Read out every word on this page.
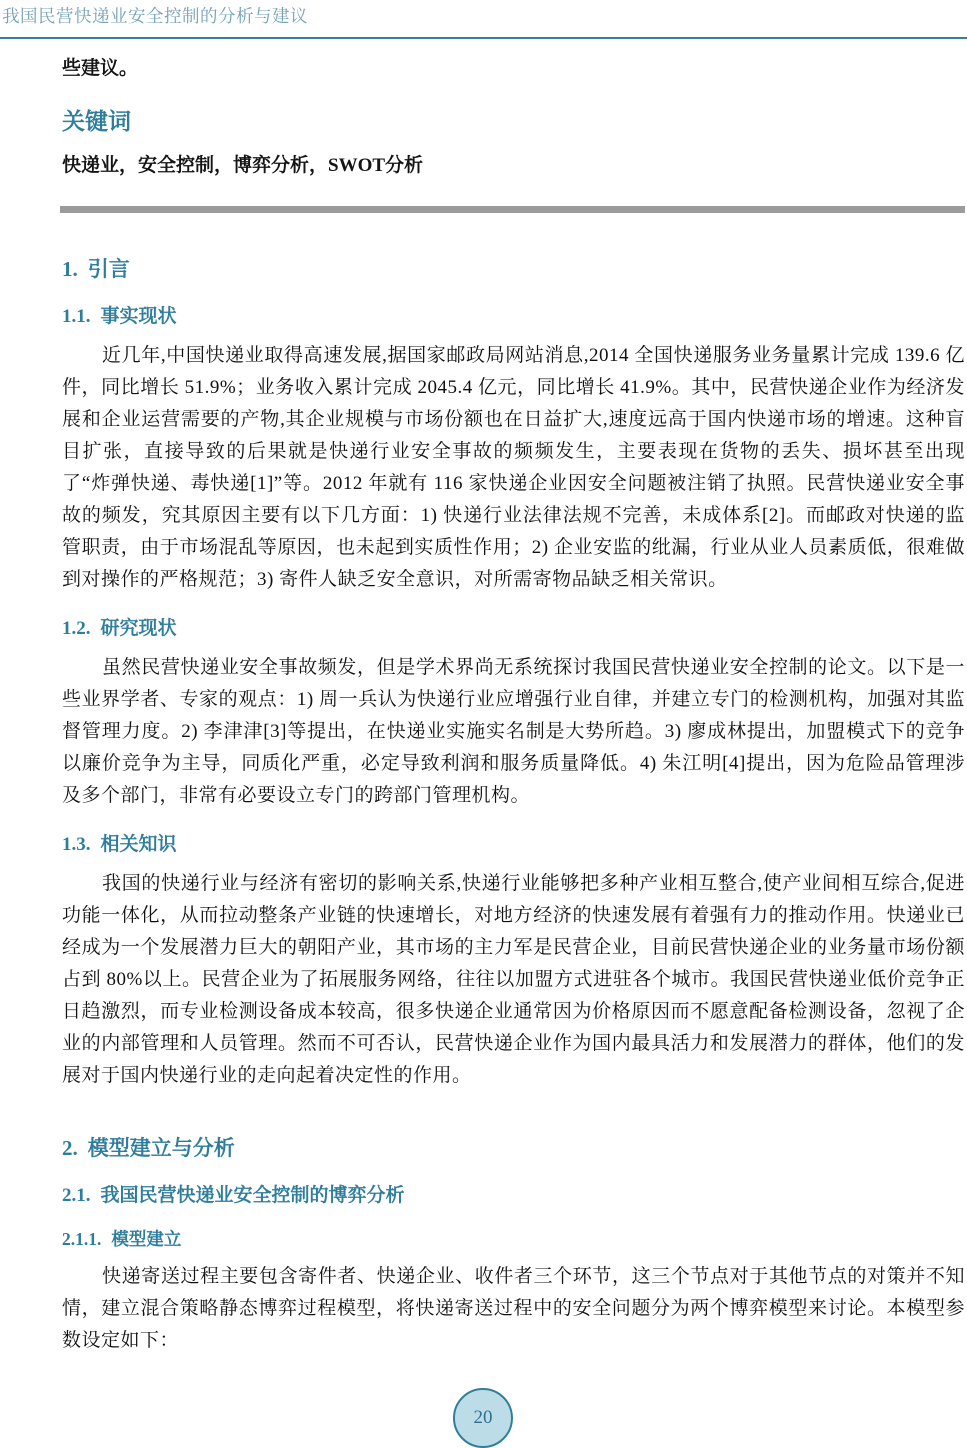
我国民营快递业安全控制的分析与建议

些建议。

关键词

快递业，安全控制，博弈分析，SWOT分析

1. 引言
1.1. 事实现状

近几年,中国快递业取得高速发展,据国家邮政局网站消息,2014 全国快递服务业务量累计完成 139.6 亿件，同比增长 51.9%；业务收入累计完成 2045.4 亿元，同比增长 41.9%。其中，民营快递企业作为经济发展和企业运营需要的产物,其企业规模与市场份额也在日益扩大,速度远高于国内快递市场的增速。这种盲目扩张，直接导致的后果就是快递行业安全事故的频频发生，主要表现在货物的丢失、损坏甚至出现了“炸弹快递、毒快递[1]”等。2012 年就有 116 家快递企业因安全问题被注销了执照。民营快递业安全事故的频发，究其原因主要有以下几方面：1) 快递行业法律法规不完善，未成体系[2]。而邮政对快递的监管职责，由于市场混乱等原因，也未起到实质性作用；2) 企业安监的纰漏，行业从业人员素质低，很难做到对操作的严格规范；3) 寄件人缺乏安全意识，对所需寄物品缺乏相关常识。

1.2. 研究现状

虽然民营快递业安全事故频发，但是学术界尚无系统探讨我国民营快递业安全控制的论文。以下是一些业界学者、专家的观点：1) 周一兵认为快递行业应增强行业自律，并建立专门的检测机构，加强对其监督管理力度。2) 李津津[3]等提出，在快递业实施实名制是大势所趋。3) 廖成林提出，加盟模式下的竞争以廉价竞争为主导，同质化严重，必定导致利润和服务质量降低。4) 朱江明[4]提出，因为危险品管理涉及多个部门，非常有必要设立专门的跨部门管理机构。

1.3. 相关知识

我国的快递行业与经济有密切的影响关系,快递行业能够把多种产业相互整合,使产业间相互综合,促进功能一体化，从而拉动整条产业链的快速增长，对地方经济的快速发展有着强有力的推动作用。快递业已经成为一个发展潜力巨大的朝阳产业，其市场的主力军是民营企业，目前民营快递企业的业务量市场份额占到 80%以上。民营企业为了拓展服务网络，往往以加盟方式进驻各个城市。我国民营快递业低价竞争正日趋激烈，而专业检测设备成本较高，很多快递企业通常因为价格原因而不愿意配备检测设备，忽视了企业的内部管理和人员管理。然而不可否认，民营快递企业作为国内最具活力和发展潜力的群体，他们的发展对于国内快递行业的走向起着决定性的作用。

2. 模型建立与分析
2.1. 我国民营快递业安全控制的博弈分析
2.1.1. 模型建立

快递寄送过程主要包含寄件者、快递企业、收件者三个环节，这三个节点对于其他节点的对策并不知情，建立混合策略静态博弈过程模型，将快递寄送过程中的安全问题分为两个博弈模型来讨论。本模型参数设定如下：

20
